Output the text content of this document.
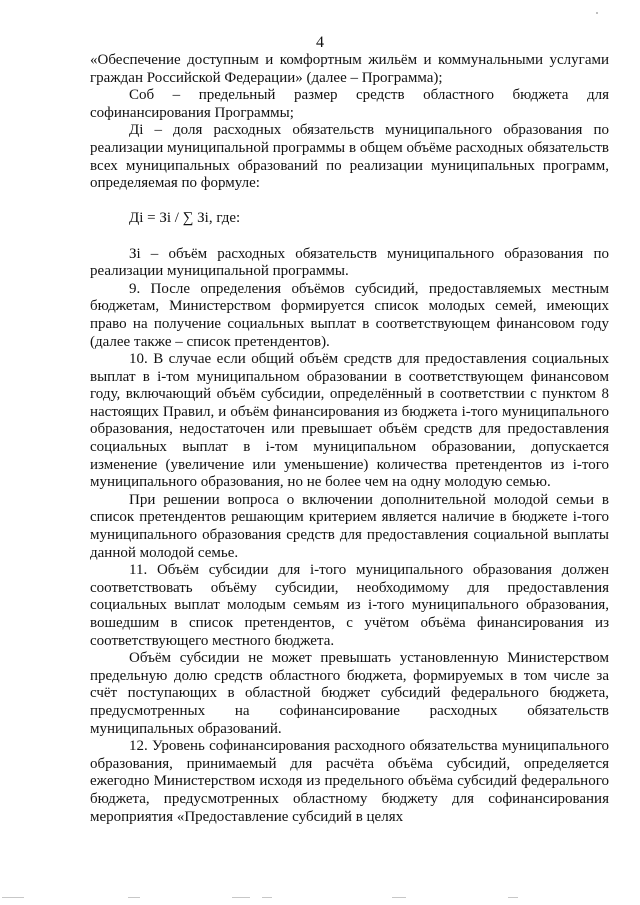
4

«Обеспечение доступным и комфортным жильём и коммунальными услугами граждан Российской Федерации» (далее – Программа);

Соб – предельный размер средств областного бюджета для софинансирования Программы;

Дi – доля расходных обязательств муниципального образования по реализации муниципальной программы в общем объёме расходных обязательств всех муниципальных образований по реализации муниципальных программ, определяемая по формуле:

Дi = Зi / ∑ Зi, где:

Зi – объём расходных обязательств муниципального образования по реализации муниципальной программы.

9. После определения объёмов субсидий, предоставляемых местным бюджетам, Министерством формируется список молодых семей, имеющих право на получение социальных выплат в соответствующем финансовом году (далее также – список претендентов).

10. В случае если общий объём средств для предоставления социальных выплат в i-том муниципальном образовании в соответствующем финансовом году, включающий объём субсидии, определённый в соответствии с пунктом 8 настоящих Правил, и объём финансирования из бюджета i-того муниципального образования, недостаточен или превышает объём средств для предоставления социальных выплат в i-том муниципальном образовании, допускается изменение (увеличение или уменьшение) количества претендентов из i-того муниципального образования, но не более чем на одну молодую семью.

При решении вопроса о включении дополнительной молодой семьи в список претендентов решающим критерием является наличие в бюджете i-того муниципального образования средств для предоставления социальной выплаты данной молодой семье.

11. Объём субсидии для i-того муниципального образования должен соответствовать объёму субсидии, необходимому для предоставления социальных выплат молодым семьям из i-того муниципального образования, вошедшим в список претендентов, с учётом объёма финансирования из соответствующего местного бюджета.

Объём субсидии не может превышать установленную Министерством предельную долю средств областного бюджета, формируемых в том числе за счёт поступающих в областной бюджет субсидий федерального бюджета, предусмотренных на софинансирование расходных обязательств муниципальных образований.

12. Уровень софинансирования расходного обязательства муниципального образования, принимаемый для расчёта объёма субсидий, определяется ежегодно Министерством исходя из предельного объёма субсидий федерального бюджета, предусмотренных областному бюджету для софинансирования мероприятия «Предоставление субсидий в целях
